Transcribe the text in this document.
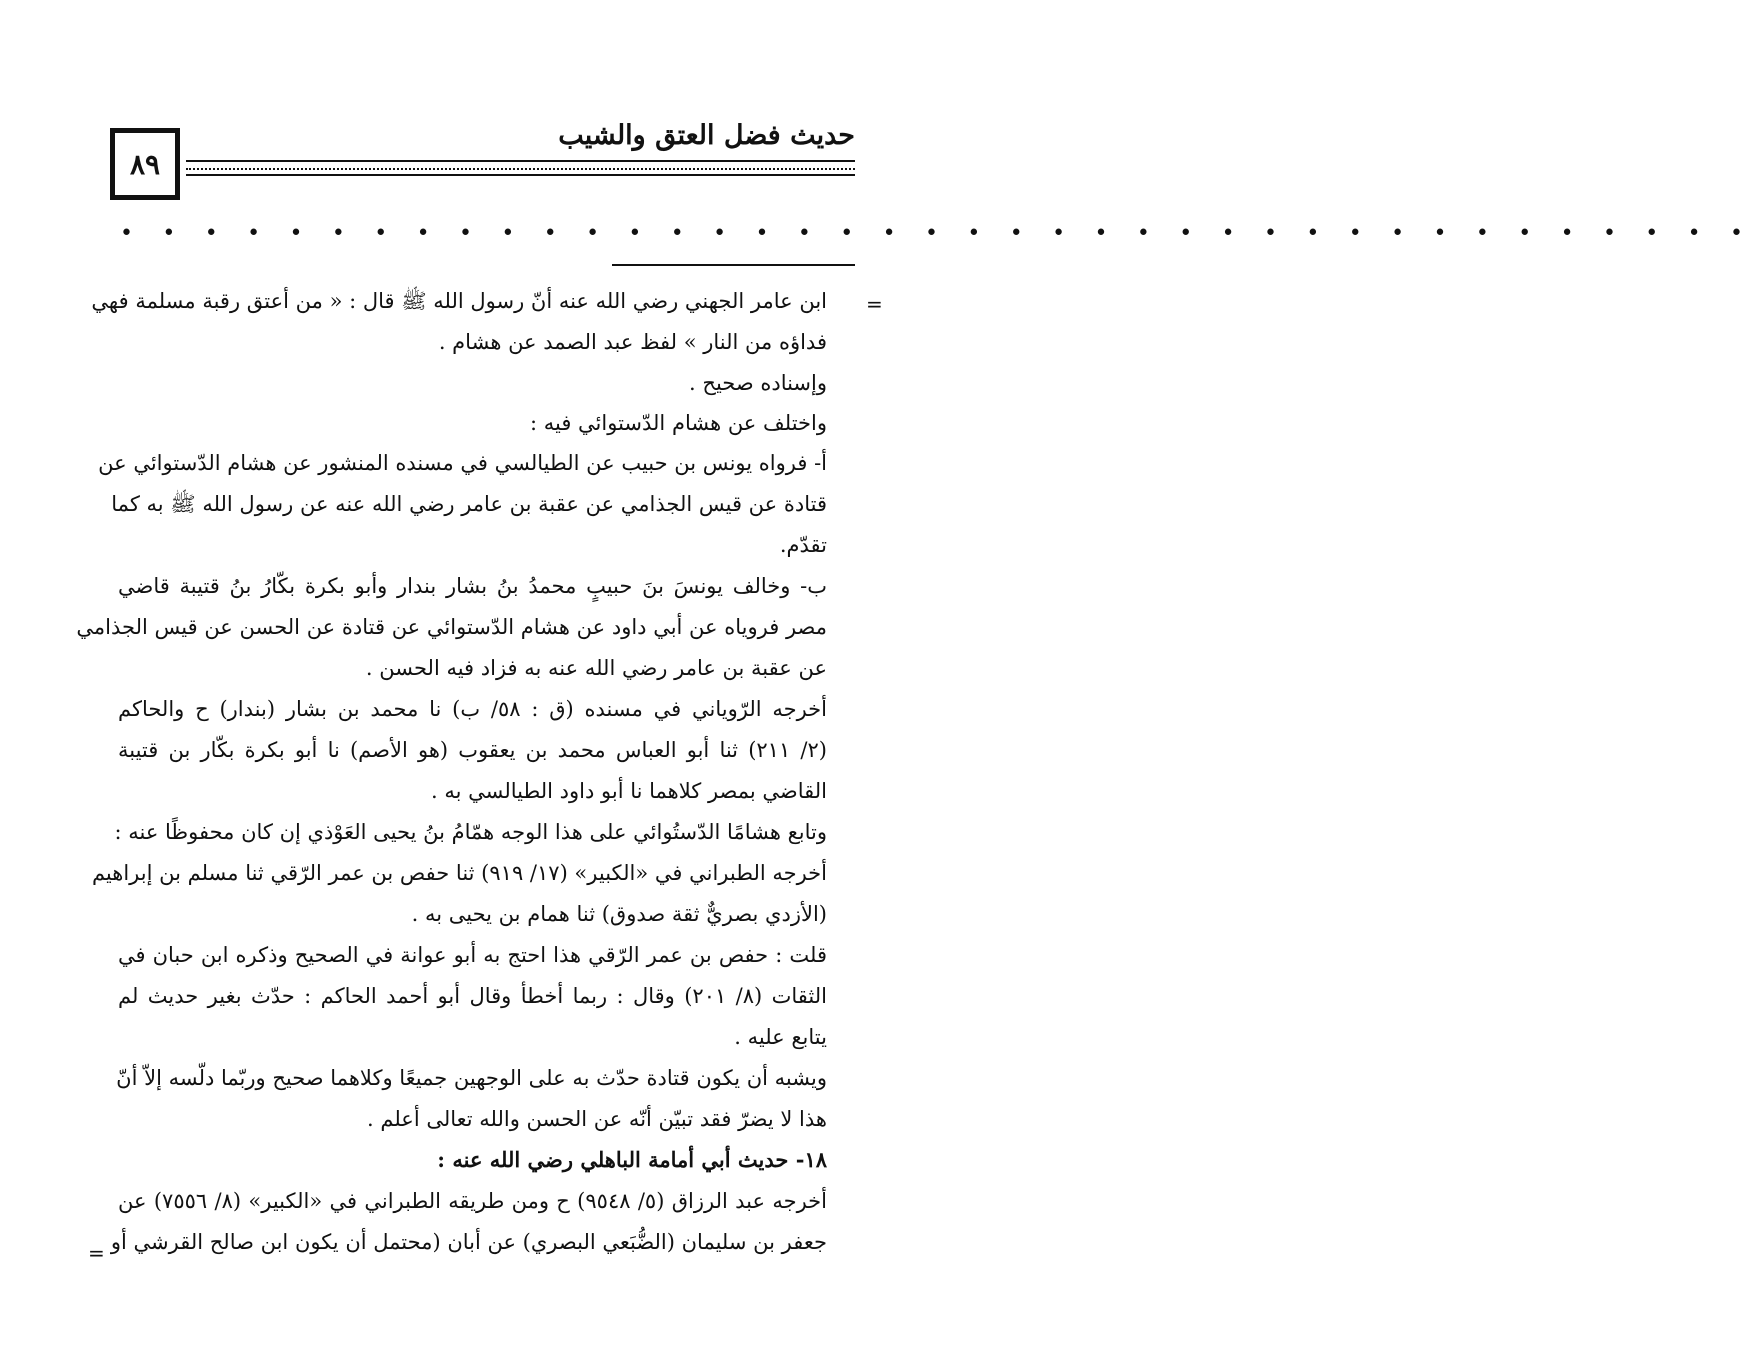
حديث فضل العتق والشيب
٨٩
• • • • • • • • • • • • • • • • • • • • • • • • • • • • • • • • • • • • • • •
=
=
ابن عامر الجهني رضي الله عنه أنّ رسول الله ﷺ قال : « من أعتق رقبة مسلمة فهي
فداؤه من النار » لفظ عبد الصمد عن هشام .
وإسناده صحيح .
واختلف عن هشام الدّستوائي فيه :
أ- فرواه يونس بن حبيب عن الطيالسي في مسنده المنشور عن هشام الدّستوائي عن
قتادة عن قيس الجذامي عن عقبة بن عامر رضي الله عنه عن رسول الله ﷺ به كما
تقدّم.
ب- وخالف يونسَ بنَ حبيبٍ محمدُ بنُ بشار بندار وأبو بكرة بكّارُ بنُ قتيبة قاضي
مصر فروياه عن أبي داود عن هشام الدّستوائي عن قتادة عن الحسن عن قيس الجذامي
عن عقبة بن عامر رضي الله عنه به فزاد فيه الحسن .
أخرجه الرّوياني في مسنده (ق : ٥٨/ ب) نا محمد بن بشار (بندار) ح والحاكم
(٢/ ٢١١) ثنا أبو العباس محمد بن يعقوب (هو الأصم) نا أبو بكرة بكّار بن قتيبة
القاضي بمصر كلاهما نا أبو داود الطيالسي به .
وتابع هشامًا الدّستُوائي على هذا الوجه همّامُ بنُ يحيى العَوْذي إن كان محفوظًا عنه :
أخرجه الطبراني في «الكبير» (١٧/ ٩١٩) ثنا حفص بن عمر الرّقي ثنا مسلم بن إبراهيم
(الأزدي بصريٌّ ثقة صدوق) ثنا همام بن يحيى به .
قلت : حفص بن عمر الرّقي هذا احتج به أبو عوانة في الصحيح وذكره ابن حبان في
الثقات (٨/ ٢٠١) وقال : ربما أخطأ وقال أبو أحمد الحاكم : حدّث بغير حديث لم
يتابع عليه .
ويشبه أن يكون قتادة حدّث به على الوجهين جميعًا وكلاهما صحيح وربّما دلّسه إلاّ أنّ
هذا لا يضرّ فقد تبيّن أنّه عن الحسن والله تعالى أعلم .
١٨- حديث أبي أمامة الباهلي رضي الله عنه :
أخرجه عبد الرزاق (٥/ ٩٥٤٨) ح ومن طريقه الطبراني في «الكبير» (٨/ ٧٥٥٦) عن
جعفر بن سليمان (الضُّبَعي البصري) عن أبان (محتمل أن يكون ابن صالح القرشي أو
